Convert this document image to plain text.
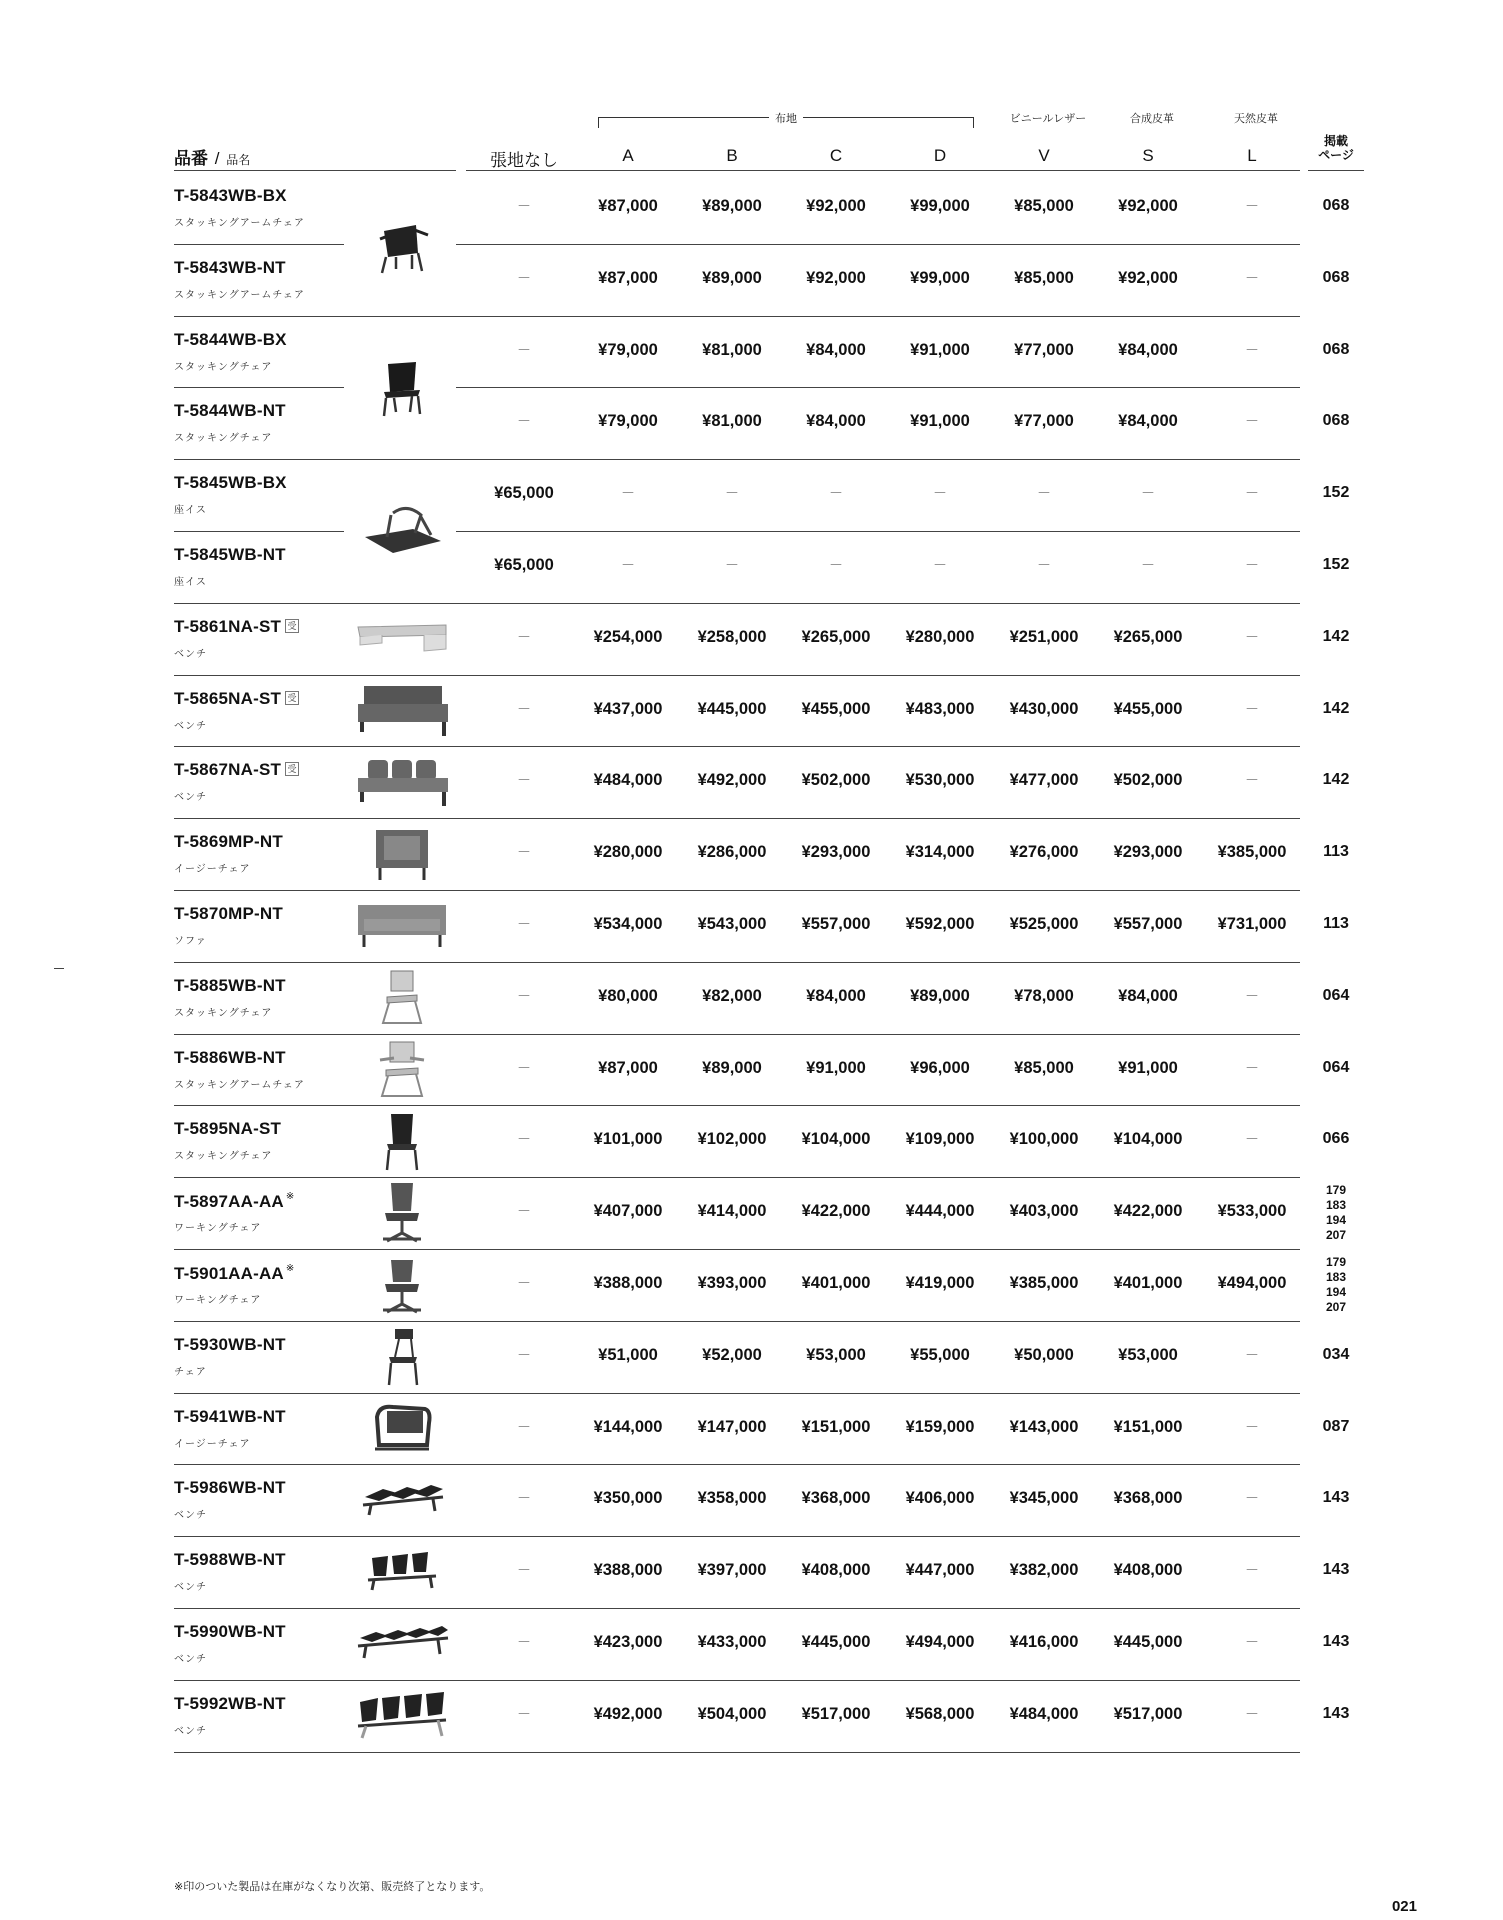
布地	ビニールレザー	合成皮革	天然皮革
品番 / 品名	張地なし	A	B	C	D	V	S	L
掲載
ページ
T-5843WB-BX
スタッキングアームチェア
－	¥87,000	¥89,000	¥92,000	¥99,000	¥85,000	¥92,000	－	068
T-5843WB-NT
スタッキングアームチェア
－	¥87,000	¥89,000	¥92,000	¥99,000	¥85,000	¥92,000	－	068
T-5844WB-BX
スタッキングチェア
－	¥79,000	¥81,000	¥84,000	¥91,000	¥77,000	¥84,000	－	068
T-5844WB-NT
スタッキングチェア
－	¥79,000	¥81,000	¥84,000	¥91,000	¥77,000	¥84,000	－	068
T-5845WB-BX
座イス
¥65,000	－	－	－	－	－	－	－	152
T-5845WB-NT
座イス
¥65,000	－	－	－	－	－	－	－	152
T-5861NA-ST 受
ベンチ
－	¥254,000	¥258,000	¥265,000	¥280,000	¥251,000	¥265,000	－	142
T-5865NA-ST 受
ベンチ
－	¥437,000	¥445,000	¥455,000	¥483,000	¥430,000	¥455,000	－	142
T-5867NA-ST 受
ベンチ
－	¥484,000	¥492,000	¥502,000	¥530,000	¥477,000	¥502,000	－	142
T-5869MP-NT
イージーチェア
－	¥280,000	¥286,000	¥293,000	¥314,000	¥276,000	¥293,000	¥385,000	113
T-5870MP-NT
ソファ
－	¥534,000	¥543,000	¥557,000	¥592,000	¥525,000	¥557,000	¥731,000	113
T-5885WB-NT
スタッキングチェア
－	¥80,000	¥82,000	¥84,000	¥89,000	¥78,000	¥84,000	－	064
T-5886WB-NT
スタッキングアームチェア
－	¥87,000	¥89,000	¥91,000	¥96,000	¥85,000	¥91,000	－	064
T-5895NA-ST
スタッキングチェア
－	¥101,000	¥102,000	¥104,000	¥109,000	¥100,000	¥104,000	－	066
T-5897AA-AA ※
ワーキングチェア
－	¥407,000	¥414,000	¥422,000	¥444,000	¥403,000	¥422,000	¥533,000
179
183
194
207
T-5901AA-AA ※
ワーキングチェア
－	¥388,000	¥393,000	¥401,000	¥419,000	¥385,000	¥401,000	¥494,000
179
183
194
207
T-5930WB-NT
チェア
－	¥51,000	¥52,000	¥53,000	¥55,000	¥50,000	¥53,000	－	034
T-5941WB-NT
イージーチェア
－	¥144,000	¥147,000	¥151,000	¥159,000	¥143,000	¥151,000	－	087
T-5986WB-NT
ベンチ
－	¥350,000	¥358,000	¥368,000	¥406,000	¥345,000	¥368,000	－	143
T-5988WB-NT
ベンチ
－	¥388,000	¥397,000	¥408,000	¥447,000	¥382,000	¥408,000	－	143
T-5990WB-NT
ベンチ
－	¥423,000	¥433,000	¥445,000	¥494,000	¥416,000	¥445,000	－	143
T-5992WB-NT
ベンチ
－	¥492,000	¥504,000	¥517,000	¥568,000	¥484,000	¥517,000	－	143
※印のついた製品は在庫がなくなり次第、販売終了となります。
021
